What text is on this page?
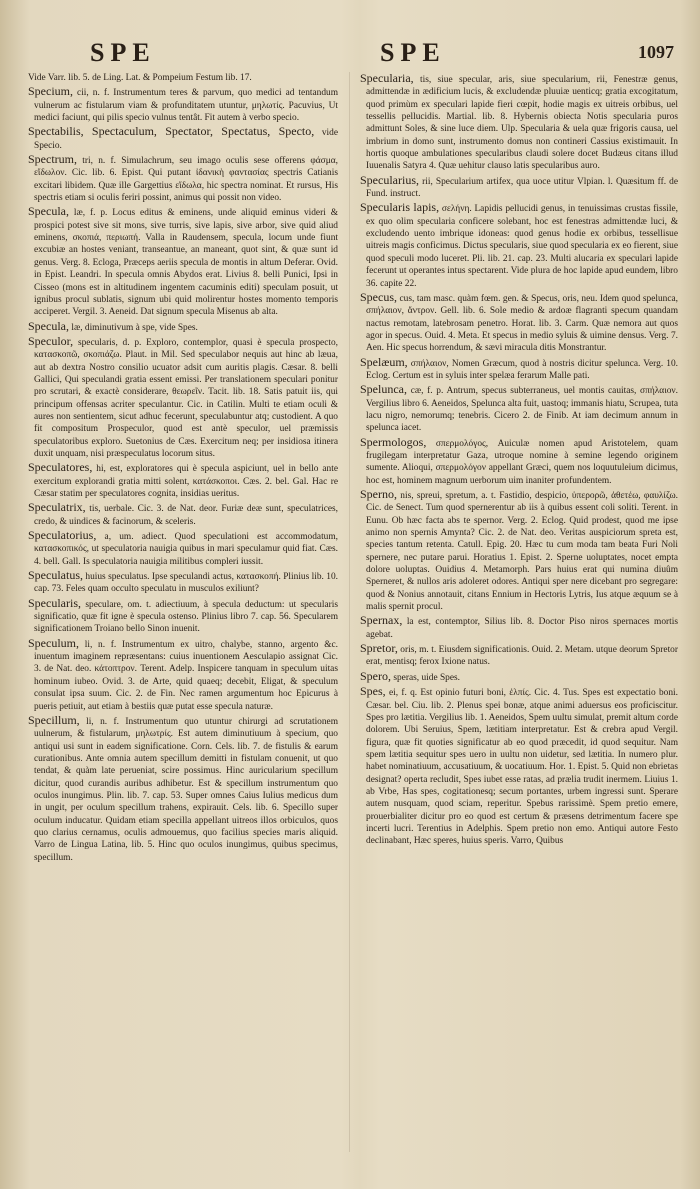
SPE	SPE	1097

Vide Varr. lib. 5. de Ling. Lat. & Pompeium Festum lib. 17.

Specium, cii, n. f. Instrumentum teres & parvum, quo medici ad tentandum vulnerum ac fistularum viam & profunditatem utuntur, μηλωτίς. Pacuvius, Ut medici faciunt, qui pilis specio vulnus tentât. Fit autem à verbo specio.

Spectabilis, Spectaculum, Spectator, Spectatus, Specto, vide Specio.

Spectrum, tri, n. f. Simulachrum, seu imago oculis sese offerens φάσμα, εἴδωλον. Cic. lib. 6. Epist. Qui putant ἰδανικὴ φαντασίας spectris Catianis excitari libidem. Quæ ille Gargettius εἴδωλα, hic spectra nominat. Et rursus, His spectris etiam si oculis feriri possint, animus qui possit non video.

Specula, læ, f. p. Locus editus & eminens, unde aliquid eminus videri & prospici potest sive sit mons, sive turris, sive lapis, sive arbor, sive quid aliud eminens, σκοπιά, περιωπή. Valla in Raudensem, specula, locum unde fiunt excubiæ an hostes veniant, transeantue, an maneant, quot sint, & quæ sunt id genus. Verg. 8. Ecloga, Præceps aeriis specula de montis in altum Deferar. Ovid. in Epist. Leandri. In specula omnis Abydos erat. Livius 8. belli Punici, Ipsi in Cisseo (mons est in altitudinem ingentem cacuminis editi) speculam posuit, ut ignibus procul sublatis, signum ubi quid molirentur hostes momento temporis acciperet. Vergil. 3. Aeneid. Dat signum specula Misenus ab alta.

Specula, læ, diminutivum à spe, vide Spes.

Speculor, specularis, d. p. Exploro, contemplor, quasi è specula prospecto, κατασκοπῶ, σκοπιάζω. Plaut. in Mil. Sed speculabor nequis aut hinc ab læua, aut ab dextra Nostro consilio ucuator adsit cum auritis plagis. Cæsar. 8. belli Gallici, Qui speculandi gratia essent emissi. Per translationem speculari ponitur pro scrutari, & exactè considerare, θεωρεῖν. Tacit. lib. 18. Satis patuit iis, qui principum offensas acriter speculantur. Cic. in Catilin. Multi te etiam oculi & aures non sentientem, sicut adhuc fecerunt, speculabuntur atq; custodient. A quo fit compositum Prospeculor, quod est antè speculor, uel præmissis speculatoribus exploro. Suetonius de Cæs. Exercitum neq; per insidiosa itinera duxit unquam, nisi præspeculatus locorum situs.

Speculatores, hi, est, exploratores qui è specula aspiciunt, uel in bello ante exercitum explorandi gratia mitti solent, κατάσκοποι. Cæs. 2. bel. Gal. Hac re Cæsar statim per speculatores cognita, insidias ueritus.

Speculatrix, tis, uerbale. Cic. 3. de Nat. deor. Furiæ deæ sunt, speculatrices, credo, & uindices & facinorum, & sceleris.

Speculatorius, a, um. adiect. Quod speculationi est accommodatum, κατασκοπικός, ut speculatoria nauigia quibus in mari speculamur quid fiat. Cæs. 4. bell. Gall. Is speculatoria nauigia militibus compleri iussit.

Speculatus, huius speculatus. Ipse speculandi actus, κατασκοπή. Plinius lib. 10. cap. 73. Feles quam occulto speculatu in musculos exiliunt?

Specularis, speculare, om. t. adiectiuum, à specula deductum: ut specularis significatio, quæ fit igne è specula ostenso. Plinius libro 7. cap. 56. Specularem significationem Troiano bello Sinon inuenit.

Speculum, li, n. f. Instrumentum ex uitro, chalybe, stanno, argento &c. inuentum imaginem repræsentans: cuius inuentionem Aesculapio assignat Cic. 3. de Nat. deo. κάτοπτρον. Terent. Adelp. Inspicere tanquam in speculum uitas hominum iubeo. Ovid. 3. de Arte, quid quaeq; decebit, Eligat, & speculum consulat ipsa suum. Cic. 2. de Fin. Nec ramen argumentum hoc Epicurus à pueris petiuit, aut etiam à bestiis quæ putat esse specula naturæ.

Specillum, li, n. f. Instrumentum quo utuntur chirurgi ad scrutationem uulnerum, & fistularum, μηλωτρίς. Est autem diminutiuum à specium, quo antiqui usi sunt in eadem significatione. Corn. Cels. lib. 7. de fistulis & earum curationibus. Ante omnia autem specillum demitti in fistulam conuenit, ut quo tendat, & quàm late perueniat, scire possimus. Hinc auricularium specillum dicitur, quod curandis auribus adhibetur. Est & specillum instrumentum quo oculos inungimus. Plin. lib. 7. cap. 53. Super omnes Caius Iulius medicus dum in ungit, per oculum specillum trahens, expirauit. Cels. lib. 6. Specillo super oculum inducatur. Quidam etiam specilla appellant uitreos illos orbiculos, quos quo clarius cernamus, oculis admouemus, quo facilius species maris aliquid. Varro de Lingua Latina, lib. 5. Hinc quo oculos inungimus, quibus specimus, specillum.

Specularia, tis, siue specular, aris, siue specularium, rii, Fenestræ genus, admittendæ in ædificium lucis, & excludendæ pluuiæ uenticq; gratia excogitatum, quod primùm ex speculari lapide fieri cœpit, hodie magis ex uitreis orbibus, uel tessellis pellucidis. Martial. lib. 8. Hybernis obiecta Notis specularia puros admittunt Soles, & sine luce diem. Ulp. Specularia & uela quæ frigoris causa, uel imbrium in domo sunt, instrumento domus non contineri Cassius existimauit. In hortis quoque ambulationes specularibus claudi solere docet Budæus citans illud Iuuenalis Satyra 4. Quæ uehitur clauso latis specularibus auro.

Specularius, rii, Specularium artifex, qua uoce utitur Vlpian. l. Quæsitum ff. de Fund. instruct.

Specularis lapis, σελήνη. Lapidis pellucidi genus, in tenuissimas crustas fissile, ex quo olim specularia conficere solebant, hoc est fenestras admittendæ luci, & excludendo uento imbrique idoneas: quod genus hodie ex orbibus, tessellisue uitreis magis conficimus. Dictus specularis, siue quod specularia ex eo fierent, siue quod speculi modo luceret. Pli. lib. 21. cap. 23. Multi alucaria ex speculari lapide fecerunt ut operantes intus spectarent. Vide plura de hoc lapide apud eundem, libro 36. capite 22.

Specus, cus, tam masc. quàm fœm. gen. & Specus, oris, neu. Idem quod spelunca, σπήλαιον, ἄντρον. Gell. lib. 6. Sole medio & ardoæ flagranti specum quandam nactus remotam, latebrosam penetro. Horat. lib. 3. Carm. Quæ nemora aut quos agor in specus. Ouid. 4. Meta. Et specus in medio syluis & uimine densus. Verg. 7. Aen. Hic specus horrendum, & sævi miracula ditis Monstrantur.

Spelæum, σπήλαιον, Nomen Græcum, quod à nostris dicitur spelunca. Verg. 10. Eclog. Certum est in syluis inter spelæa ferarum Malle pati.

Spelunca, cæ, f. p. Antrum, specus subterraneus, uel montis cauitas, σπήλαιον. Vergilius libro 6. Aeneidos, Spelunca alta fuit, uastoq; immanis hiatu, Scrupea, tuta lacu nigro, nemorumq; tenebris. Cicero 2. de Finib. At iam decimum annum in spelunca iacet.

Spermologos, σπερμολόγος, Auiculæ nomen apud Aristotelem, quam frugilegam interpretatur Gaza, utroque nomine à semine legendo originem sumente. Alioqui, σπερμολόγον appellant Græci, quem nos loquutuleium dicimus, hoc est, hominem magnum uerborum uim inaniter profundentem.

Sperno, nis, spreui, spretum, a. t. Fastidio, despicio, ὑπερορῶ, ἀθετέω, φαυλίζω. Cic. de Senect. Tum quod spernerentur ab iis à quibus essent coli soliti. Terent. in Eunu. Ob hæc facta abs te spernor. Verg. 2. Eclog. Quid prodest, quod me ipse animo non spernis Amynta? Cic. 2. de Nat. deo. Veritas auspiciorum spreta est, species tantum retenta. Catull. Epig. 20. Hæc tu cum moda tam beata Furi Noli spernere, nec putare parui. Horatius 1. Epist. 2. Sperne uoluptates, nocet empta dolore uoluptas. Ouidius 4. Metamorph. Pars huius erat qui numina diuûm Sperneret, & nullos aris adoleret odores. Antiqui sper nere dicebant pro segregare: quod & Nonius annotauit, citans Ennium in Hectoris Lytris, Ius atque æquum se à malis spernit procul.

Spernax, la est, contemptor, Silius lib. 8. Doctor Piso niros spernaces mortis agebat.

Spretor, oris, m. t. Eiusdem significationis. Ouid. 2. Metam. utque deorum Spretor erat, mentisq; ferox Ixione natus.

Spero, speras, uide Spes.

Spes, ei, f. q. Est opinio futuri boni, ἐλπίς. Cic. 4. Tus. Spes est expectatio boni. Cæsar. bel. Ciu. lib. 2. Plenus spei bonæ, atque animi aduersus eos proficiscitur. Spes pro lætitia. Vergilius lib. 1. Aeneidos, Spem uultu simulat, premit altum corde dolorem. Ubi Seruius, Spem, lætitiam interpretatur. Est & crebra apud Vergil. figura, quæ fit quoties significatur ab eo quod præcedit, id quod sequitur. Nam spem lætitia sequitur spes uero in uultu non uidetur, sed lætitia. In numero plur. habet nominatiuum, accusatiuum, & uocatiuum. Hor. 1. Epist. 5. Quid non ebrietas designat? operta recludit, Spes iubet esse ratas, ad prælia trudit inermem. Liuius 1. ab Vrbe, Has spes, cogitationesq; secum portantes, urbem ingressi sunt. Sperare autem nusquam, quod sciam, reperitur. Spebus rarissimè. Spem pretio emere, prouerbialiter dicitur pro eo quod est certum & præsens detrimentum facere spe incerti lucri. Terentius in Adelphis. Spem pretio non emo. Antiqui autore Festo declinabant, Hæc speres, huius speris. Varro, Quibus
